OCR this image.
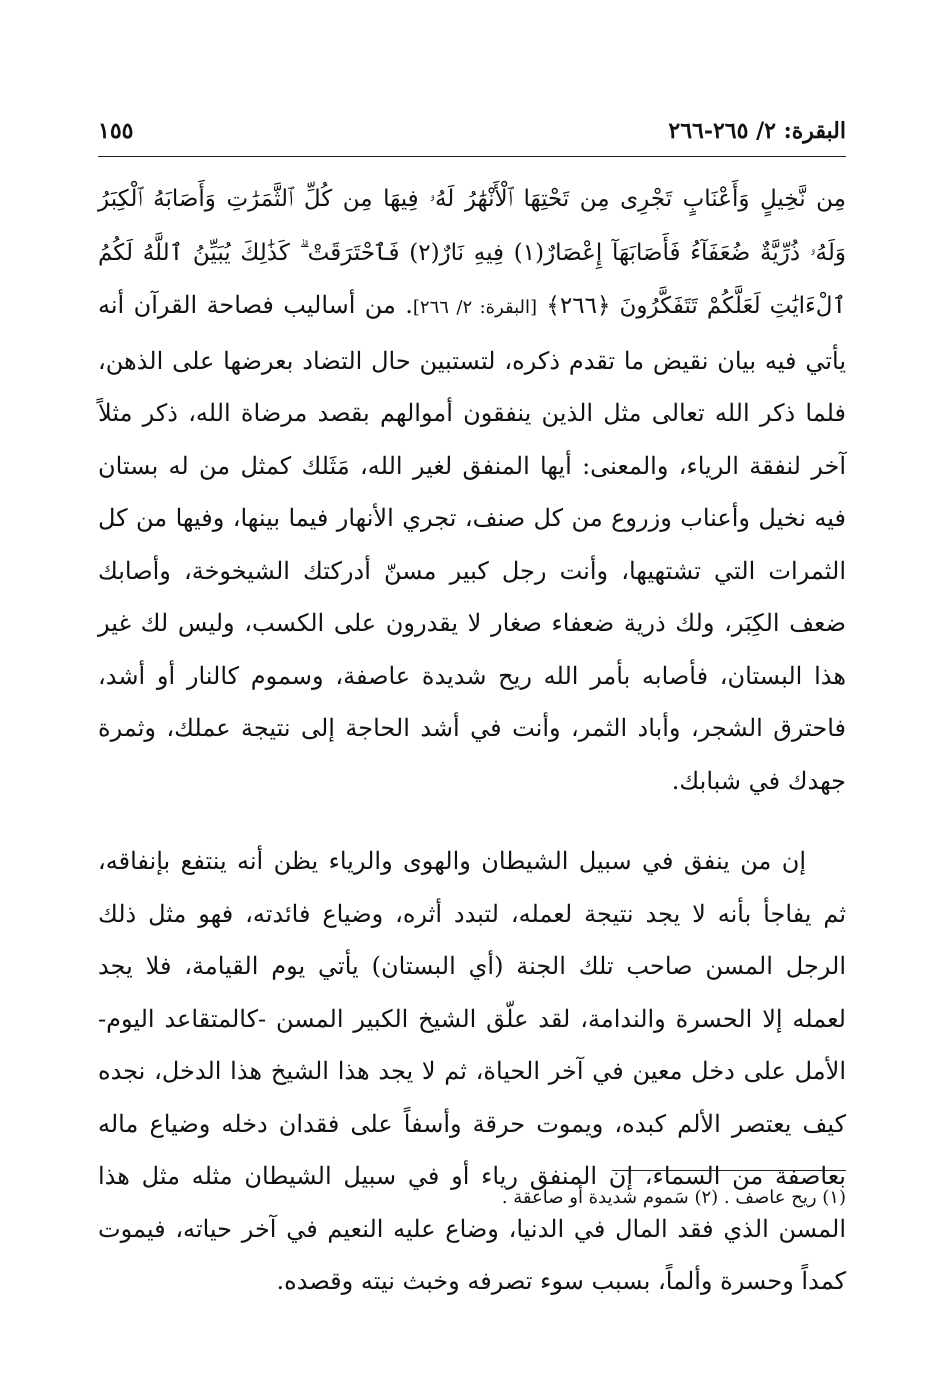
البقرة: ٢/ ٢٦٥-٢٦٦
١٥٥

مِن نَّخِيلٍ وَأَعْنَابٍ تَجْرِى مِن تَحْتِهَا ٱلْأَنْهَٰرُ لَهُۥ فِيهَا مِن كُلِّ ٱلثَّمَرَٰتِ وَأَصَابَهُ ٱلْكِبَرُ وَلَهُۥ ذُرِّيَّةٌ ضُعَفَآءُ فَأَصَابَهَآ إِعْصَارٌ(١) فِيهِ نَارٌ(٢) فَٱحْتَرَقَتْ ۗ كَذَٰلِكَ يُبَيِّنُ ٱللَّهُ لَكُمُ ٱلْءَايَٰتِ لَعَلَّكُمْ تَتَفَكَّرُونَ ﴿٢٦٦﴾ [البقرة: ٢/ ٢٦٦]. من أساليب فصاحة القرآن أنه يأتي فيه بيان نقيض ما تقدم ذكره، لتستبين حال التضاد بعرضها على الذهن، فلما ذكر الله تعالى مثل الذين ينفقون أموالهم بقصد مرضاة الله، ذكر مثلاً آخر لنفقة الرياء، والمعنى: أيها المنفق لغير الله، مَثَلك كمثل من له بستان فيه نخيل وأعناب وزروع من كل صنف، تجري الأنهار فيما بينها، وفيها من كل الثمرات التي تشتهيها، وأنت رجل كبير مسنّ أدركتك الشيخوخة، وأصابك ضعف الكِبَر، ولك ذرية ضعفاء صغار لا يقدرون على الكسب، وليس لك غير هذا البستان، فأصابه بأمر الله ريح شديدة عاصفة، وسموم كالنار أو أشد، فاحترق الشجر، وأباد الثمر، وأنت في أشد الحاجة إلى نتيجة عملك، وثمرة جهدك في شبابك.

إن من ينفق في سبيل الشيطان والهوى والرياء يظن أنه ينتفع بإنفاقه، ثم يفاجأ بأنه لا يجد نتيجة لعمله، لتبدد أثره، وضياع فائدته، فهو مثل ذلك الرجل المسن صاحب تلك الجنة (أي البستان) يأتي يوم القيامة، فلا يجد لعمله إلا الحسرة والندامة، لقد علّق الشيخ الكبير المسن -كالمتقاعد اليوم- الأمل على دخل معين في آخر الحياة، ثم لا يجد هذا الشيخ هذا الدخل، نجده كيف يعتصر الألم كبده، ويموت حرقة وأسفاً على فقدان دخله وضياع ماله بعاصفة من السماء، إن المنفق رياء أو في سبيل الشيطان مثله مثل هذا المسن الذي فقد المال في الدنيا، وضاع عليه النعيم في آخر حياته، فيموت كمداً وحسرة وألماً، بسبب سوء تصرفه وخبث نيته وقصده.

(١) ريح عاصف . (٢) سَموم شديدة أو صاعقة .
